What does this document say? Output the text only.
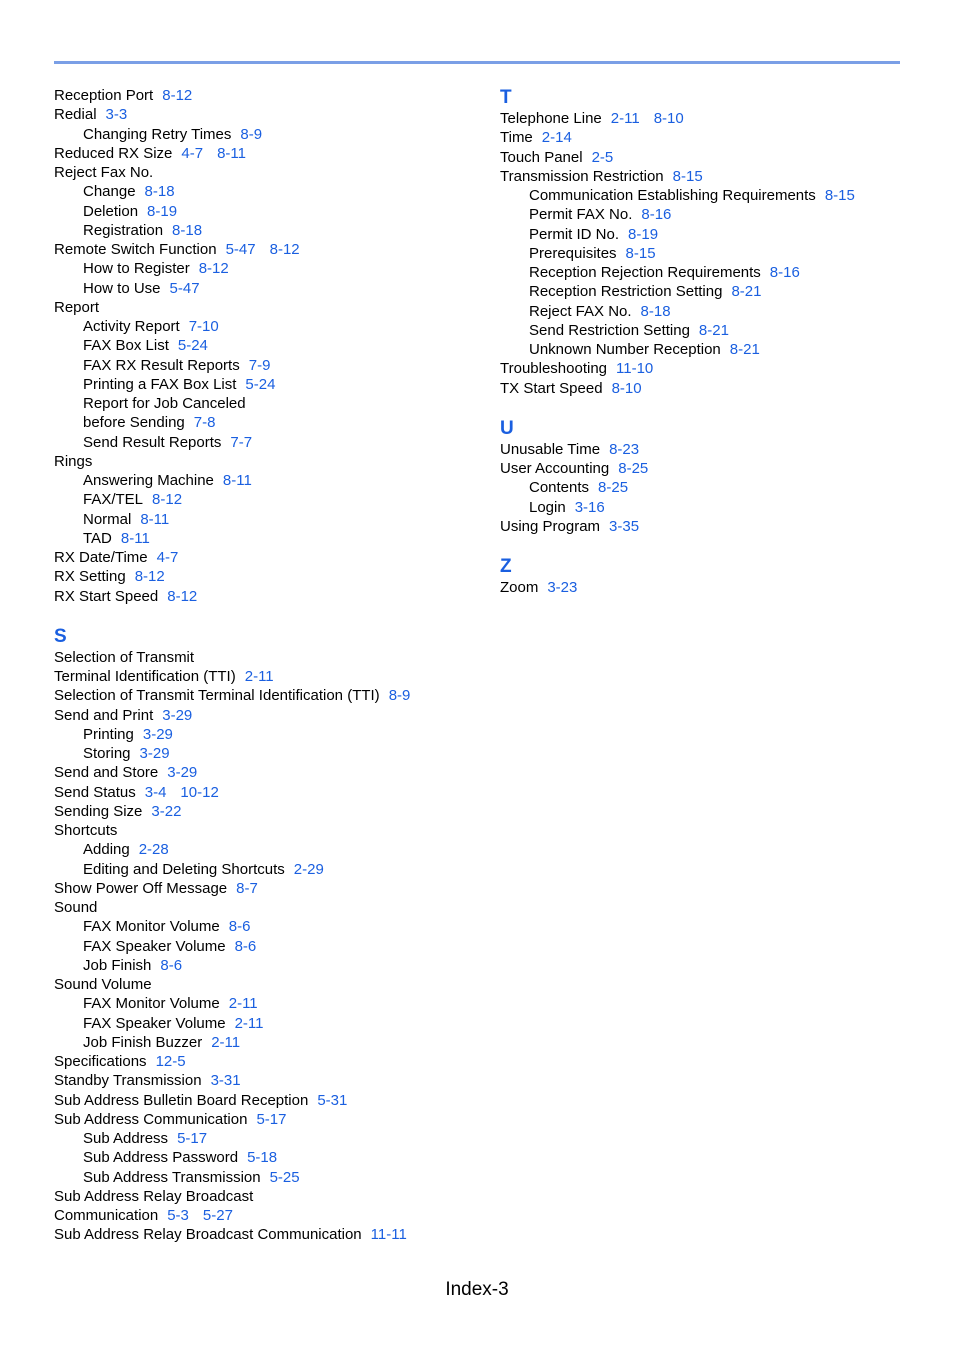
Reception Port 8-12
Redial 3-3
Changing Retry Times 8-9
Reduced RX Size 4-7 8-11
Reject Fax No.
Change 8-18
Deletion 8-19
Registration 8-18
Remote Switch Function 5-47 8-12
How to Register 8-12
How to Use 5-47
Report
Activity Report 7-10
FAX Box List 5-24
FAX RX Result Reports 7-9
Printing a FAX Box List 5-24
Report for Job Canceled
before Sending 7-8
Send Result Reports 7-7
Rings
Answering Machine 8-11
FAX/TEL 8-12
Normal 8-11
TAD 8-11
RX Date/Time 4-7
RX Setting 8-12
RX Start Speed 8-12
S
Selection of Transmit
Terminal Identification (TTI) 2-11
Selection of Transmit Terminal Identification (TTI) 8-9
Send and Print 3-29
Printing 3-29
Storing 3-29
Send and Store 3-29
Send Status 3-4 10-12
Sending Size 3-22
Shortcuts
Adding 2-28
Editing and Deleting Shortcuts 2-29
Show Power Off Message 8-7
Sound
FAX Monitor Volume 8-6
FAX Speaker Volume 8-6
Job Finish 8-6
Sound Volume
FAX Monitor Volume 2-11
FAX Speaker Volume 2-11
Job Finish Buzzer 2-11
Specifications 12-5
Standby Transmission 3-31
Sub Address Bulletin Board Reception 5-31
Sub Address Communication 5-17
Sub Address 5-17
Sub Address Password 5-18
Sub Address Transmission 5-25
Sub Address Relay Broadcast
Communication 5-3 5-27
Sub Address Relay Broadcast Communication 11-11
T
Telephone Line 2-11 8-10
Time 2-14
Touch Panel 2-5
Transmission Restriction 8-15
Communication Establishing Requirements 8-15
Permit FAX No. 8-16
Permit ID No. 8-19
Prerequisites 8-15
Reception Rejection Requirements 8-16
Reception Restriction Setting 8-21
Reject FAX No. 8-18
Send Restriction Setting 8-21
Unknown Number Reception 8-21
Troubleshooting 11-10
TX Start Speed 8-10
U
Unusable Time 8-23
User Accounting 8-25
Contents 8-25
Login 3-16
Using Program 3-35
Z
Zoom 3-23
Index-3
